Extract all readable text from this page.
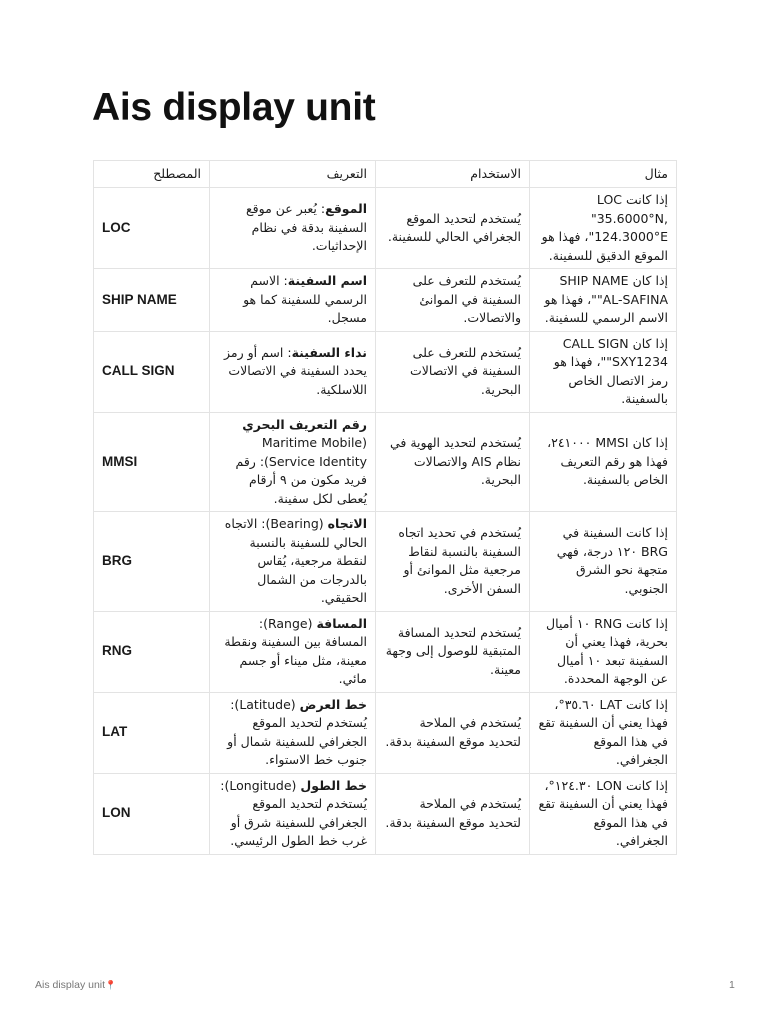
Ais display unit
المصطلح	التعريف	الاستخدام	مثال
LOC	الموقع: يُعبر عن موقع السفينة بدقة في نظام الإحداثيات.	يُستخدم لتحديد الموقع الجغرافي الحالي للسفينة.	إذا كانت LOC "35.6000°N, 124.3000°E"، فهذا هو الموقع الدقيق للسفينة.
SHIP NAME	اسم السفينة: الاسم الرسمي للسفينة كما هو مسجل.	يُستخدم للتعرف على السفينة في الموانئ والاتصالات.	إذا كان SHIP NAME "AL-SAFINA"، فهذا هو الاسم الرسمي للسفينة.
CALL SIGN	نداء السفينة: اسم أو رمز يحدد السفينة في الاتصالات اللاسلكية.	يُستخدم للتعرف على السفينة في الاتصالات البحرية.	إذا كان CALL SIGN "SXY1234"، فهذا هو رمز الاتصال الخاص بالسفينة.
MMSI	رقم التعريف البحري (Maritime Mobile Service Identity): رقم فريد مكون من ٩ أرقام يُعطى لكل سفينة.	يُستخدم لتحديد الهوية في نظام AIS والاتصالات البحرية.	إذا كان MMSI ٢٤١٠٠٠، فهذا هو رقم التعريف الخاص بالسفينة.
BRG	الاتجاه (Bearing): الاتجاه الحالي للسفينة بالنسبة لنقطة مرجعية، يُقاس بالدرجات من الشمال الحقيقي.	يُستخدم في تحديد اتجاه السفينة بالنسبة لنقاط مرجعية مثل الموانئ أو السفن الأخرى.	إذا كانت السفينة في BRG ١٢٠ درجة، فهي متجهة نحو الشرق الجنوبي.
RNG	المسافة (Range): المسافة بين السفينة ونقطة معينة، مثل ميناء أو جسم مائي.	يُستخدم لتحديد المسافة المتبقية للوصول إلى وجهة معينة.	إذا كانت RNG ١٠ أميال بحرية، فهذا يعني أن السفينة تبعد ١٠ أميال عن الوجهة المحددة.
LAT	خط العرض (Latitude): يُستخدم لتحديد الموقع الجغرافي للسفينة شمال أو جنوب خط الاستواء.	يُستخدم في الملاحة لتحديد موقع السفينة بدقة.	إذا كانت LAT ٣٥.٦٠°، فهذا يعني أن السفينة تقع في هذا الموقع الجغرافي.
LON	خط الطول (Longitude): يُستخدم لتحديد الموقع الجغرافي للسفينة شرق أو غرب خط الطول الرئيسي.	يُستخدم في الملاحة لتحديد موقع السفينة بدقة.	إذا كانت LON ١٢٤.٣٠°، فهذا يعني أن السفينة تقع في هذا الموقع الجغرافي.
Ais display unit📍	1
